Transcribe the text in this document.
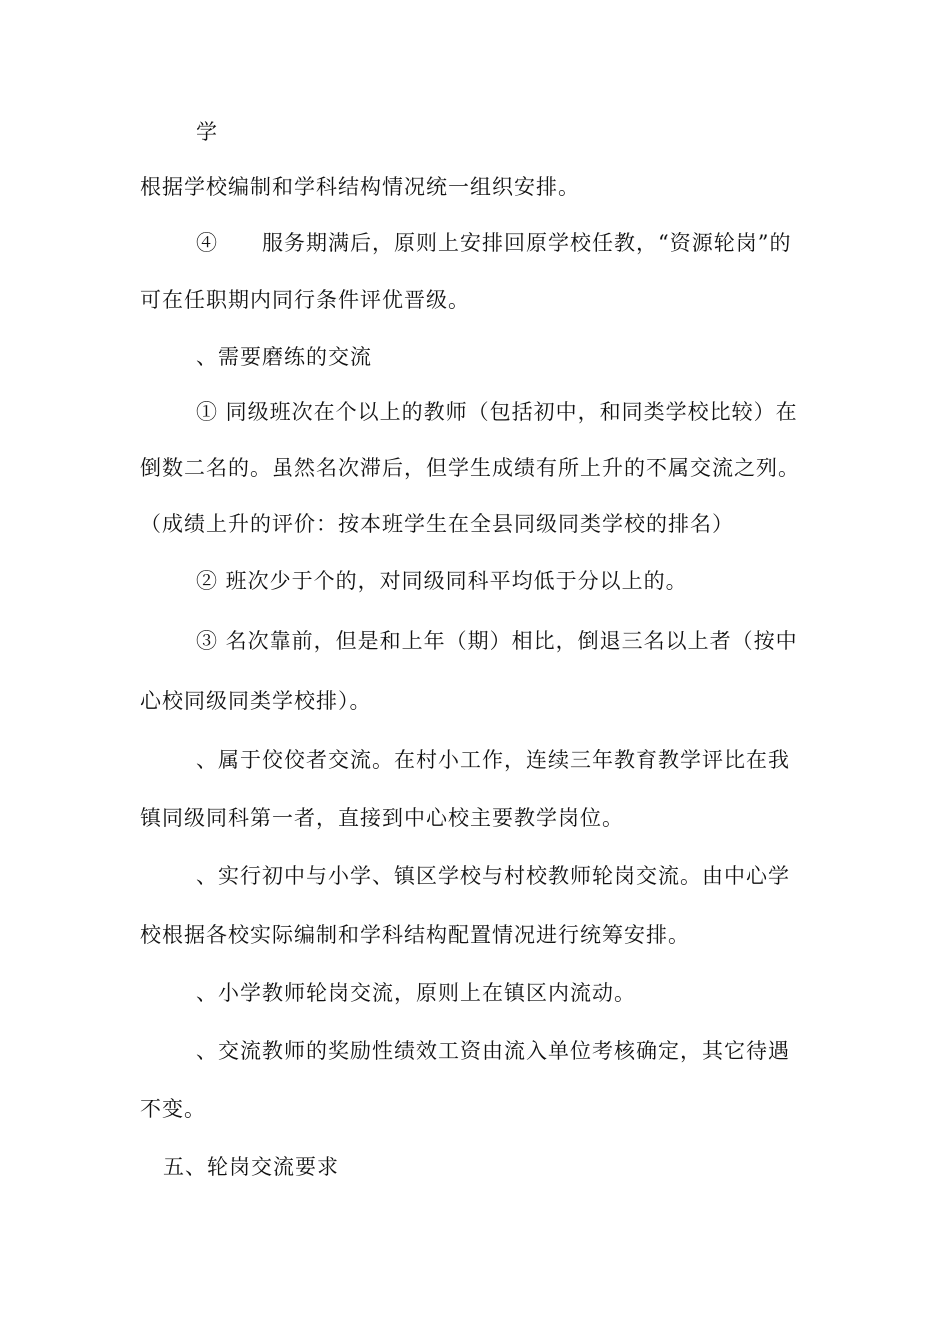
学
根据学校编制和学科结构情况统一组织安排。
④　　服务期满后，原则上安排回原学校任教，“资源轮岗”的
可在任职期内同行条件评优晋级。
、需要磨练的交流
① 同级班次在个以上的教师（包括初中，和同类学校比较）在
倒数二名的。虽然名次滞后，但学生成绩有所上升的不属交流之列。
（成绩上升的评价：按本班学生在全县同级同类学校的排名）
② 班次少于个的，对同级同科平均低于分以上的。
③ 名次靠前，但是和上年（期）相比，倒退三名以上者（按中
心校同级同类学校排）。
、属于佼佼者交流。在村小工作，连续三年教育教学评比在我
镇同级同科第一者，直接到中心校主要教学岗位。
、实行初中与小学、镇区学校与村校教师轮岗交流。由中心学
校根据各校实际编制和学科结构配置情况进行统筹安排。
、小学教师轮岗交流，原则上在镇区内流动。
、交流教师的奖励性绩效工资由流入单位考核确定，其它待遇
不变。
五、轮岗交流要求
